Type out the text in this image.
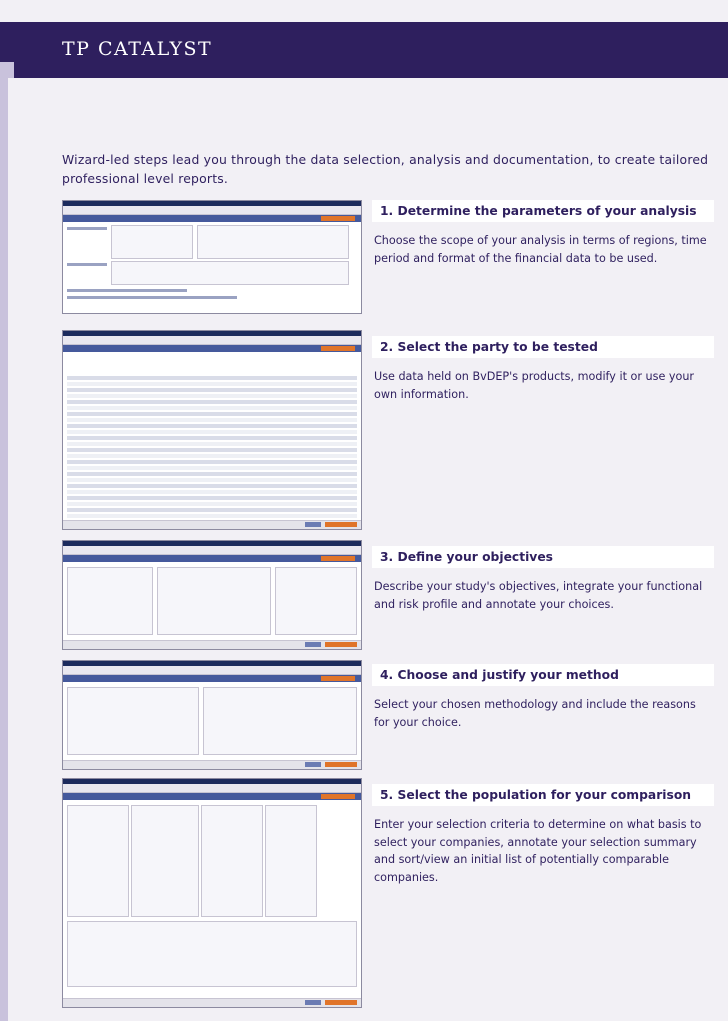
TP CATALYST
Wizard-led steps lead you through the data selection, analysis and documentation, to create tailored professional level reports.
1. Determine the parameters of your analysis
Choose the scope of your analysis in terms of regions, time period and format of the financial data to be used.
2. Select the party to be tested
Use data held on BvDEP's products, modify it or use your own information.
3. Define your objectives
Describe your study's objectives, integrate your functional and risk profile and annotate your choices.
4. Choose and justify your method
Select your chosen methodology and include the reasons for your choice.
5. Select the population for your comparison
Enter your selection criteria to determine on what basis to select your companies, annotate your selection summary and sort/view an initial list of potentially comparable companies.
